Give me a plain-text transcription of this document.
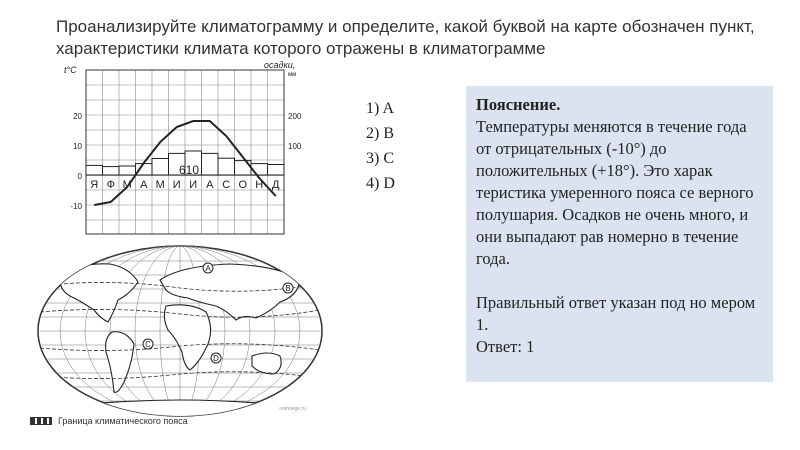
Проанализируйте климатограмму и определите, какой буквой на карте обозначен пункт, характеристики климата которого отражены в климатограмме
t°C	осадки,
мм
20
10
0
-10
200
100
Я Ф М А М И И А С О Н Д
610
A
B
C
D
reshuege.ru
Граница климатического пояса
1) A
2) B
3) C
4) D

Пояснение.

Температуры меняются в течение года от отрицательных (-10°) до положительных (+18°). Это харак теристика умеренного пояса се верного полушария. Осадков не очень много, и они выпадают рав номерно в течение года.

Правильный ответ указан под но мером 1.

Ответ: 1
